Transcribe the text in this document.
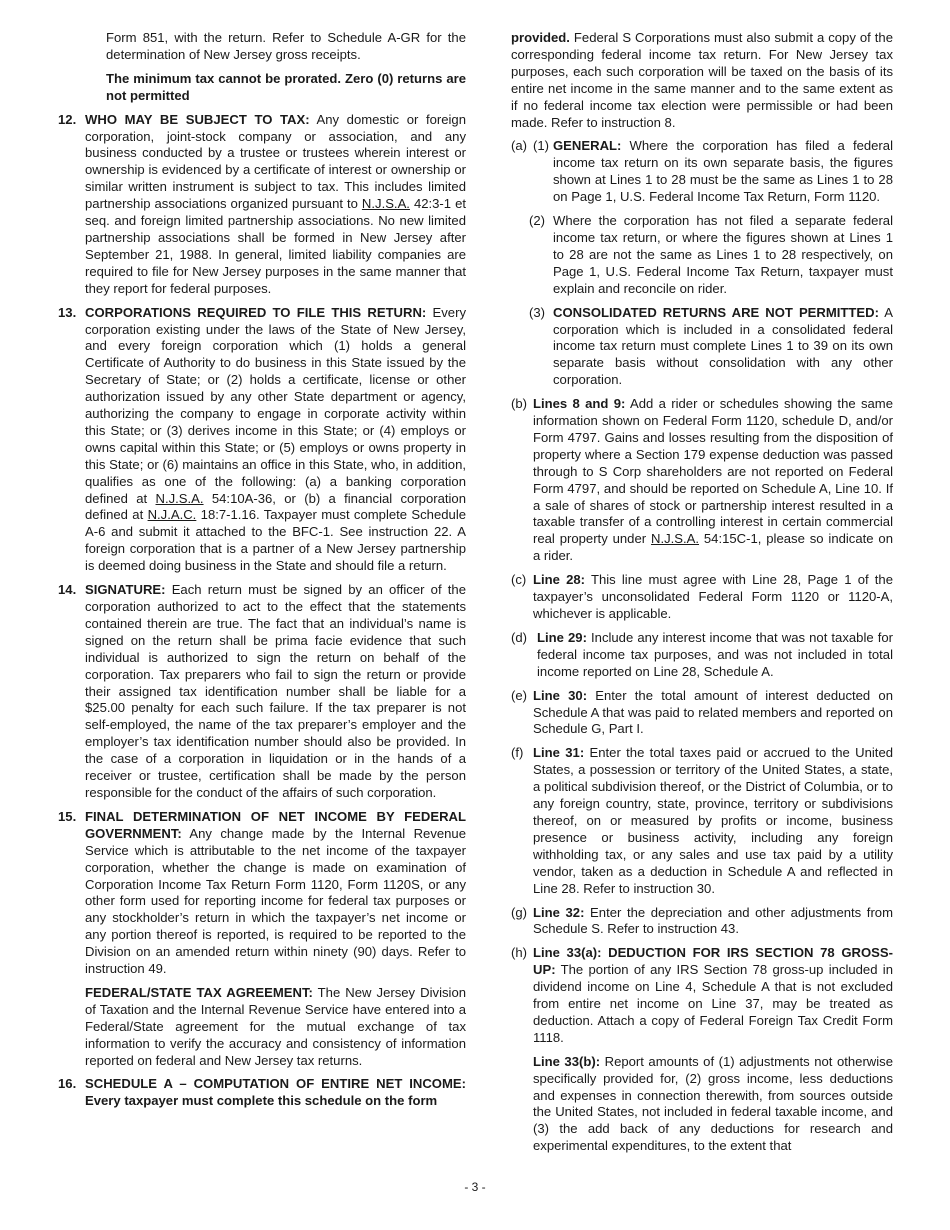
Form 851, with the return. Refer to Schedule A-GR for the determination of New Jersey gross receipts.

The minimum tax cannot be prorated. Zero (0) returns are not permitted

12. WHO MAY BE SUBJECT TO TAX: Any domestic or foreign corporation, joint-stock company or association, and any business conducted by a trustee or trustees wherein interest or ownership is evidenced by a certificate of interest or ownership or similar written instrument is subject to tax. This includes limited partnership associations organized pursuant to N.J.S.A. 42:3-1 et seq. and foreign limited partnership associations. No new limited partnership associations shall be formed in New Jersey after September 21, 1988. In general, limited liability companies are required to file for New Jersey purposes in the same manner that they report for federal purposes.
13. CORPORATIONS REQUIRED TO FILE THIS RETURN: Every corporation existing under the laws of the State of New Jersey, and every foreign corporation which (1) holds a general Certificate of Authority to do business in this State issued by the Secretary of State; or (2) holds a certificate, license or other authorization issued by any other State department or agency, authorizing the company to engage in corporate activity within this State; or (3) derives income in this State; or (4) employs or owns capital within this State; or (5) employs or owns property in this State; or (6) maintains an office in this State, who, in addition, qualifies as one of the following: (a) a banking corporation defined at N.J.S.A. 54:10A-36, or (b) a financial corporation defined at N.J.A.C. 18:7-1.16. Taxpayer must complete Schedule A-6 and submit it attached to the BFC-1. See instruction 22. A foreign corporation that is a partner of a New Jersey partnership is deemed doing business in the State and should file a return.
14. SIGNATURE: Each return must be signed by an officer of the corporation authorized to act to the effect that the statements contained therein are true. The fact that an individual’s name is signed on the return shall be prima facie evidence that such individual is authorized to sign the return on behalf of the corporation. Tax preparers who fail to sign the return or provide their assigned tax identification number shall be liable for a $25.00 penalty for each such failure. If the tax preparer is not self-employed, the name of the tax preparer’s employer and the employer’s tax identification number should also be provided. In the case of a corporation in liquidation or in the hands of a receiver or trustee, certification shall be made by the person responsible for the conduct of the affairs of such corporation.
15. FINAL DETERMINATION OF NET INCOME BY FEDERAL GOVERNMENT: Any change made by the Internal Revenue Service which is attributable to the net income of the taxpayer corporation, whether the change is made on examination of Corporation Income Tax Return Form 1120, Form 1120S, or any other form used for reporting income for federal tax purposes or any stockholder’s return in which the taxpayer’s net income or any portion thereof is reported, is required to be reported to the Division on an amended return within ninety (90) days. Refer to instruction 49.
FEDERAL/STATE TAX AGREEMENT: The New Jersey Division of Taxation and the Internal Revenue Service have entered into a Federal/State agreement for the mutual exchange of tax information to verify the accuracy and consistency of information reported on federal and New Jersey tax returns.
16. SCHEDULE A – COMPUTATION OF ENTIRE NET INCOME: Every taxpayer must complete this schedule on the form

provided. Federal S Corporations must also submit a copy of the corresponding federal income tax return. For New Jersey tax purposes, each such corporation will be taxed on the basis of its entire net income in the same manner and to the same extent as if no federal income tax election were permissible or had been made. Refer to instruction 8.

(a) (1) GENERAL: Where the corporation has filed a federal income tax return on its own separate basis, the figures shown at Lines 1 to 28 must be the same as Lines 1 to 28 on Page 1, U.S. Federal Income Tax Return, Form 1120.
(2) Where the corporation has not filed a separate federal income tax return, or where the figures shown at Lines 1 to 28 are not the same as Lines 1 to 28 respectively, on Page 1, U.S. Federal Income Tax Return, taxpayer must explain and reconcile on rider.
(3) CONSOLIDATED RETURNS ARE NOT PERMITTED: A corporation which is included in a consolidated federal income tax return must complete Lines 1 to 39 on its own separate basis without consolidation with any other corporation.
(b) Lines 8 and 9: Add a rider or schedules showing the same information shown on Federal Form 1120, schedule D, and/or Form 4797. Gains and losses resulting from the disposition of property where a Section 179 expense deduction was passed through to S Corp shareholders are not reported on Federal Form 4797, and should be reported on Schedule A, Line 10. If a sale of shares of stock or partnership interest resulted in a taxable transfer of a controlling interest in certain commercial real property under N.J.S.A. 54:15C-1, please so indicate on a rider.
(c) Line 28: This line must agree with Line 28, Page 1 of the taxpayer’s unconsolidated Federal Form 1120 or 1120-A, whichever is applicable.
(d) Line 29: Include any interest income that was not taxable for federal income tax purposes, and was not included in total income reported on Line 28, Schedule A.
(e) Line 30: Enter the total amount of interest deducted on Schedule A that was paid to related members and reported on Schedule G, Part I.
(f) Line 31: Enter the total taxes paid or accrued to the United States, a possession or territory of the United States, a state, a political subdivision thereof, or the District of Columbia, or to any foreign country, state, province, territory or subdivisions thereof, on or measured by profits or income, business presence or business activity, including any foreign withholding tax, or any sales and use tax paid by a utility vendor, taken as a deduction in Schedule A and reflected in Line 28. Refer to instruction 30.
(g) Line 32: Enter the depreciation and other adjustments from Schedule S. Refer to instruction 43.
(h) Line 33(a): DEDUCTION FOR IRS SECTION 78 GROSS- UP: The portion of any IRS Section 78 gross-up included in dividend income on Line 4, Schedule A that is not excluded from entire net income on Line 37, may be treated as deduction. Attach a copy of Federal Foreign Tax Credit Form 1118.
Line 33(b): Report amounts of (1) adjustments not otherwise specifically provided for, (2) gross income, less deductions and expenses in connection therewith, from sources outside the United States, not included in federal taxable income, and (3) the add back of any deductions for research and experimental expenditures, to the extent that
- 3 -
